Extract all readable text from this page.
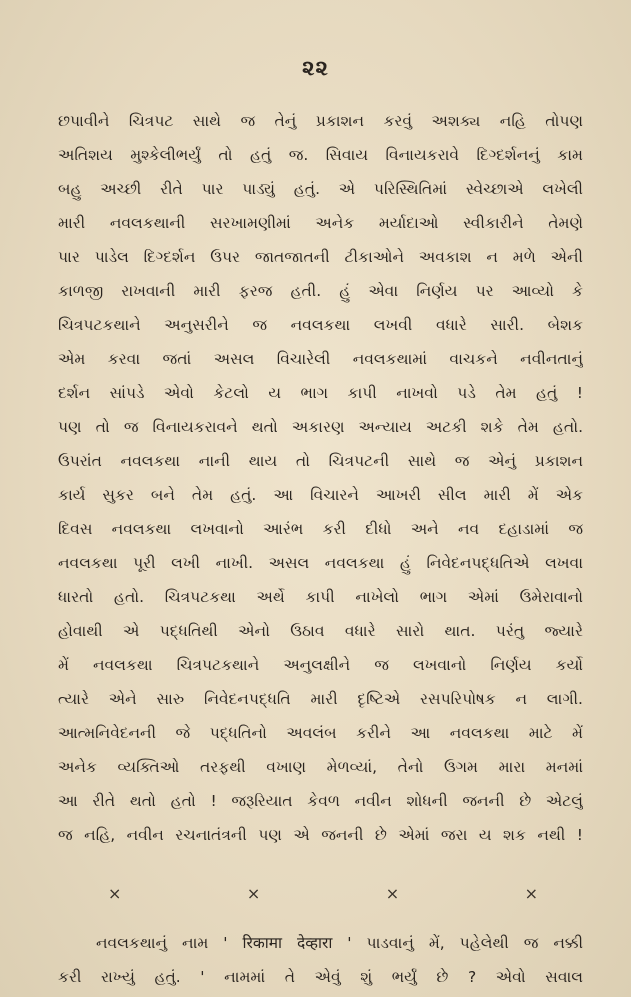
૨૨
છપાવીને ચિત્રપટ સાથે જ તેનું પ્રકાશન કરવું અશક્ય નહિ તોપણ
અતિશય મુશ્કેલીભર્યું તો હતું જ. સિવાય વિનાયકરાવે દિગ્દર્શનનું કામ
બહુ અચ્છી રીતે પાર પાડ્યું હતું. એ પરિસ્થિતિમાં સ્વેચ્છાએ લખેલી
મારી નવલકથાની સરખામણીમાં અનેક મર્યાદાઓ સ્વીકારીને તેમણે
પાર પાડેલ દિગ્દર્શન ઉપર જાતજાતની ટીકાઓને અવકાશ ન મળે એની
કાળજી રાખવાની મારી ફરજ હતી. હું એવા નિર્ણય પર આવ્યો કે
ચિત્રપટકથાને અનુસરીને જ નવલકથા લખવી વધારે સારી. બેશક
એમ કરવા જતાં અસલ વિચારેલી નવલકથામાં વાચકને નવીનતાનું
દર્શન સાંપડે એવો કેટલો ય ભાગ કાપી નાખવો પડે તેમ હતું !
પણ તો જ વિનાયકરાવને થતો અકારણ અન્યાય અટકી શકે તેમ હતો.
ઉપરાંત નવલકથા નાની થાય તો ચિત્રપટની સાથે જ એનું પ્રકાશન
કાર્ય સુકર બને તેમ હતું. આ વિચારને આખરી સીલ મારી મેં એક
દિવસ નવલકથા લખવાનો આરંભ કરી દીધો અને નવ દહાડામાં જ
નવલકથા પૂરી લખી નાખી. અસલ નવલકથા હું નિવેદનપદ્ધતિએ લખવા
ધારતો હતો. ચિત્રપટકથા અર્થે કાપી નાખેલો ભાગ એમાં ઉમેરાવાનો
હોવાથી એ પદ્ધતિથી એનો ઉઠાવ વધારે સારો થાત. પરંતુ જ્યારે
મેં નવલકથા ચિત્રપટકથાને અનુલક્ષીને જ લખવાનો નિર્ણય કર્યો
ત્યારે એને સારુ નિવેદનપદ્ધતિ મારી દૃષ્ટિએ રસપરિપોષક ન લાગી.
આત્મનિવેદનની જે પદ્ધતિનો અવલંબ કરીને આ નવલકથા માટે મેં
અનેક વ્યક્તિઓ તરફથી વખાણ મેળવ્યાં, તેનો ઉગમ મારા મનમાં
આ રીતે થતો હતો ! જરૂરિયાત કેવળ નવીન શોધની જનની છે એટલું
જ નહિ, નવીન રચનાતંત્રની પણ એ જનની છે એમાં જરા ય શક નથી !
×	×	×	×
નવલકથાનું નામ ' रिकामा देव्हारा ' પાડવાનું મેં, પહેલેથી જ નક્કી
કરી રાખ્યું હતું. ' નામમાં તે એવું શું ભર્યું છે ? એવો સવાલ
